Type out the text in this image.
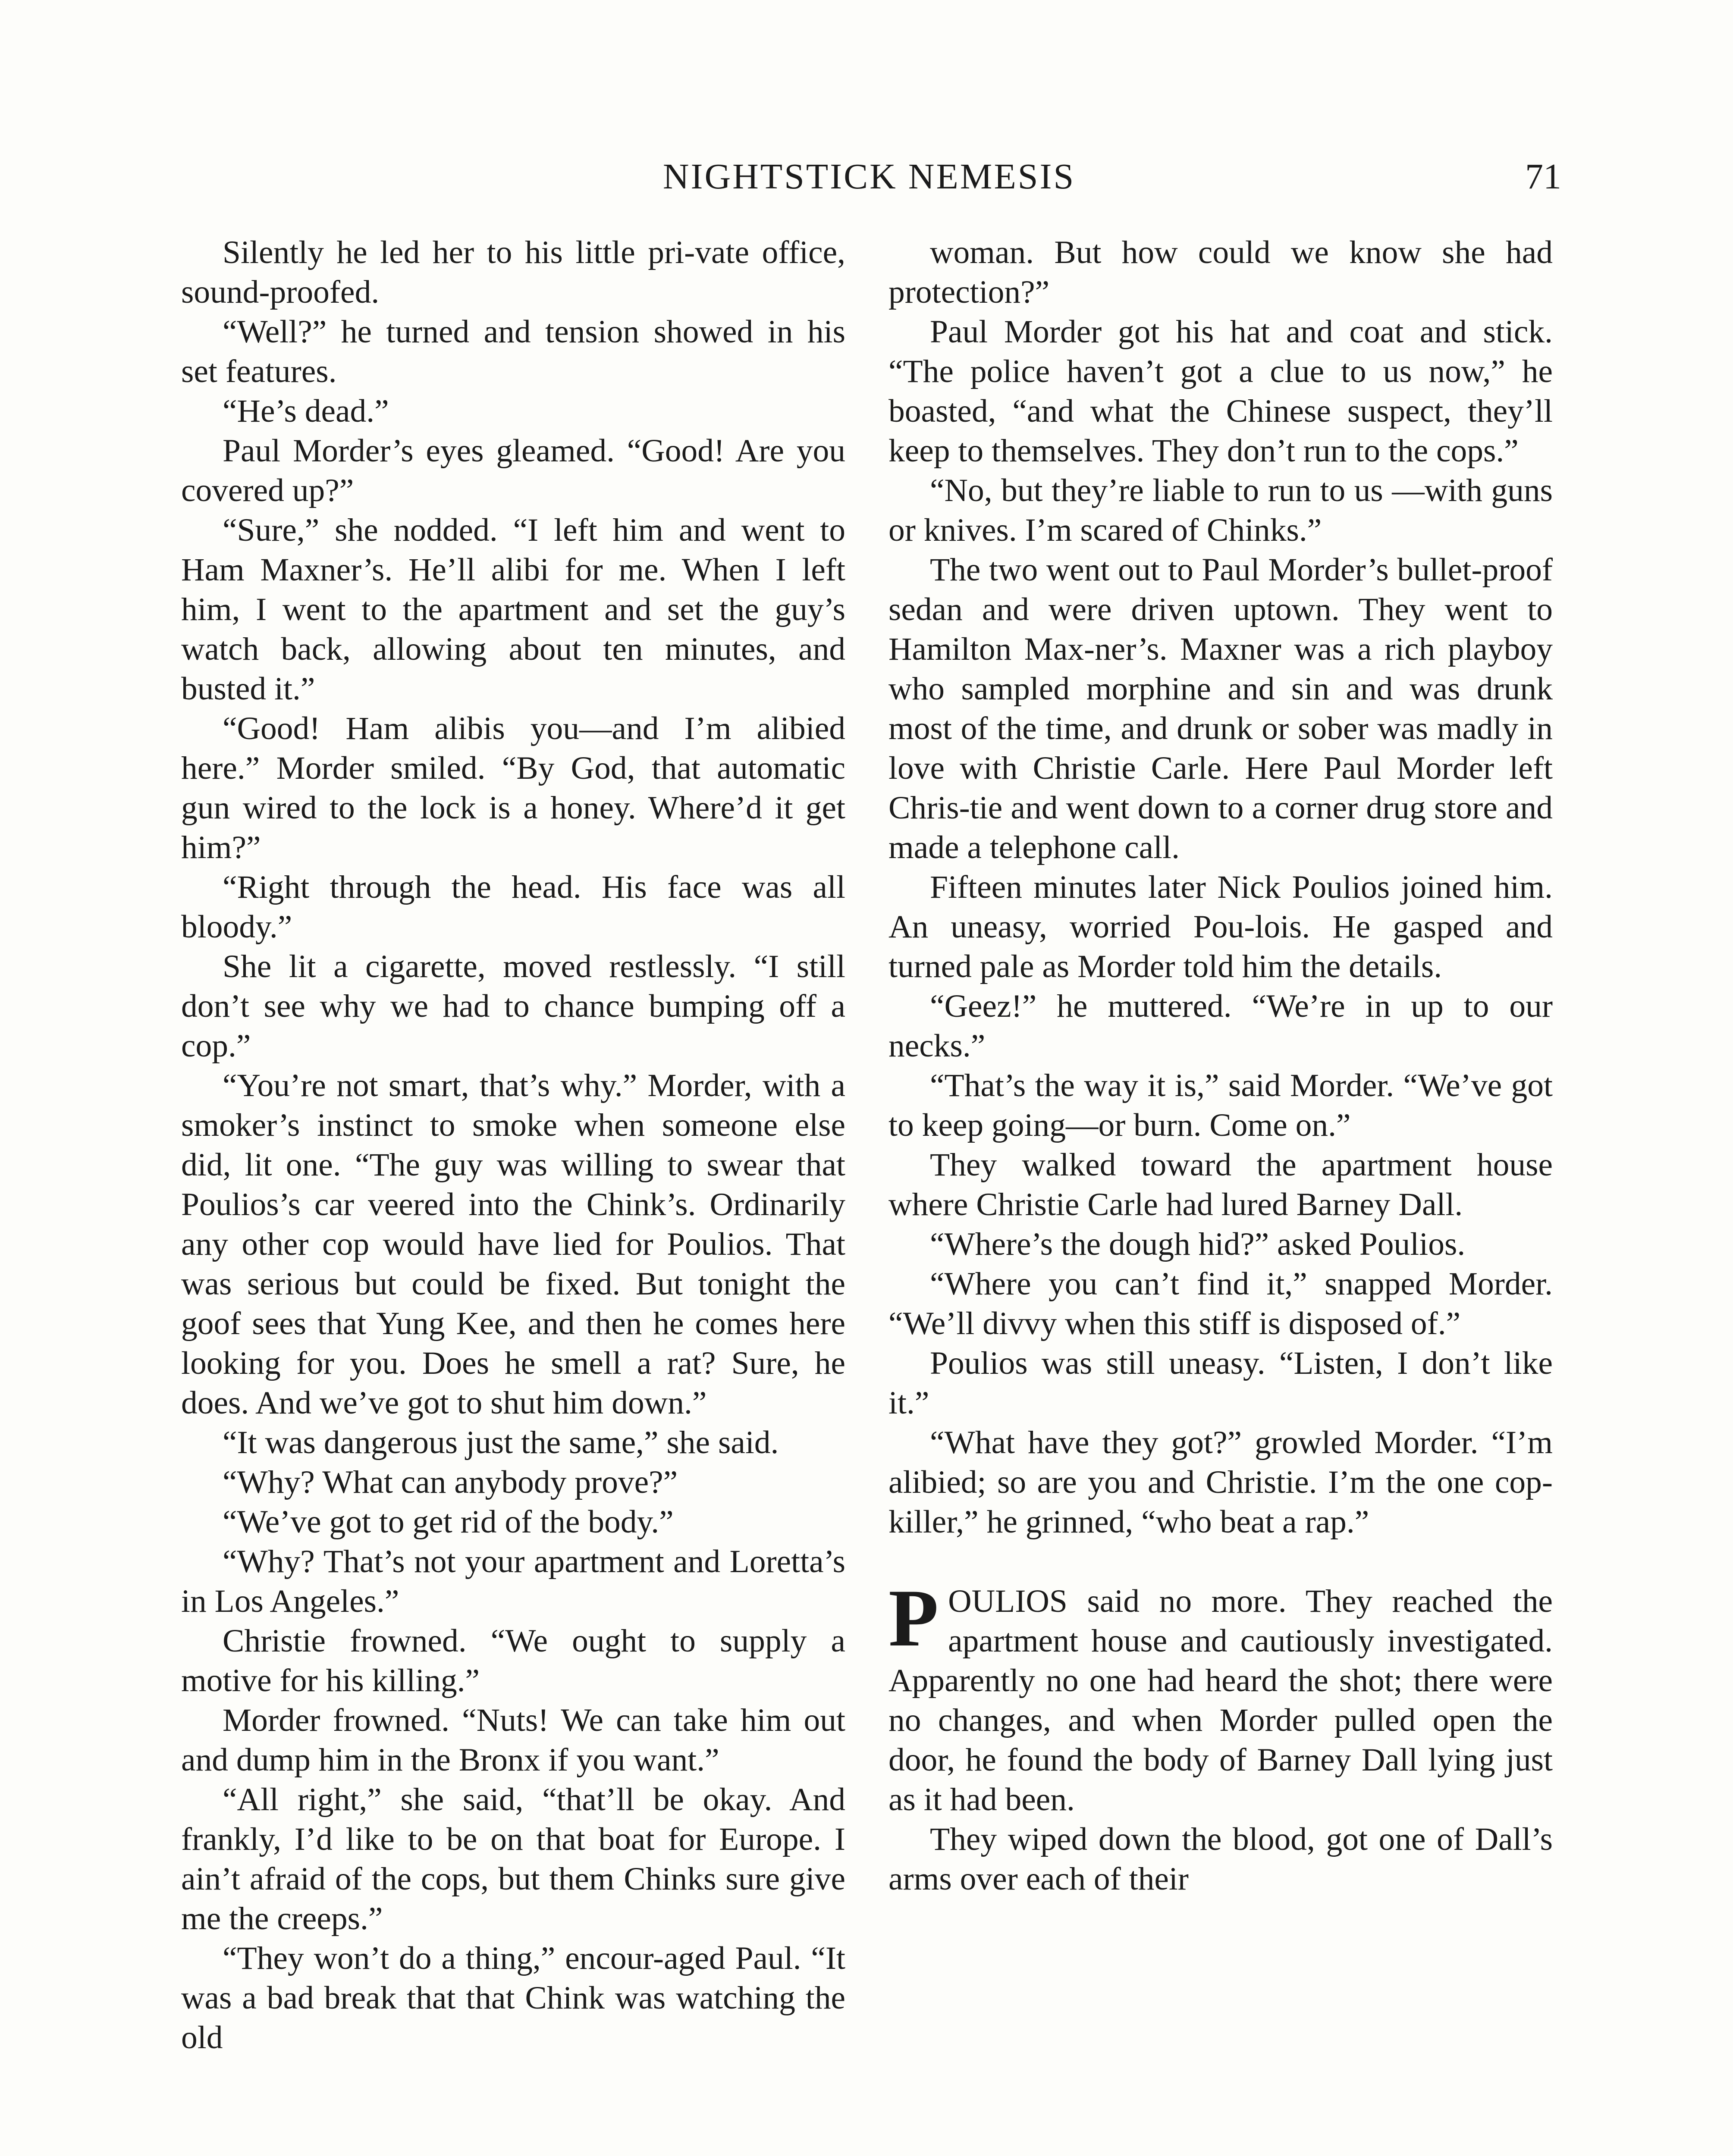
NIGHTSTICK NEMESIS	71

Silently he led her to his little pri-vate office, sound-proofed.

“Well?” he turned and tension showed in his set features.

“He’s dead.”

Paul Morder’s eyes gleamed. “Good! Are you covered up?”

“Sure,” she nodded. “I left him and went to Ham Maxner’s. He’ll alibi for me. When I left him, I went to the apartment and set the guy’s watch back, allowing about ten minutes, and busted it.”

“Good! Ham alibis you—and I’m alibied here.” Morder smiled. “By God, that automatic gun wired to the lock is a honey. Where’d it get him?”

“Right through the head. His face was all bloody.”

She lit a cigarette, moved restlessly. “I still don’t see why we had to chance bumping off a cop.”

“You’re not smart, that’s why.” Morder, with a smoker’s instinct to smoke when someone else did, lit one. “The guy was willing to swear that Poulios’s car veered into the Chink’s. Ordinarily any other cop would have lied for Poulios. That was serious but could be fixed. But tonight the goof sees that Yung Kee, and then he comes here looking for you. Does he smell a rat? Sure, he does. And we’ve got to shut him down.”

“It was dangerous just the same,” she said.

“Why? What can anybody prove?”

“We’ve got to get rid of the body.”

“Why? That’s not your apartment and Loretta’s in Los Angeles.”

Christie frowned. “We ought to supply a motive for his killing.”

Morder frowned. “Nuts! We can take him out and dump him in the Bronx if you want.”

“All right,” she said, “that’ll be okay. And frankly, I’d like to be on that boat for Europe. I ain’t afraid of the cops, but them Chinks sure give me the creeps.”

“They won’t do a thing,” encour-aged Paul. “It was a bad break that that Chink was watching the old

woman. But how could we know she had protection?”

Paul Morder got his hat and coat and stick. “The police haven’t got a clue to us now,” he boasted, “and what the Chinese suspect, they’ll keep to themselves. They don’t run to the cops.”

“No, but they’re liable to run to us —with guns or knives. I’m scared of Chinks.”

The two went out to Paul Morder’s bullet-proof sedan and were driven uptown. They went to Hamilton Max-ner’s. Maxner was a rich playboy who sampled morphine and sin and was drunk most of the time, and drunk or sober was madly in love with Christie Carle. Here Paul Morder left Chris-tie and went down to a corner drug store and made a telephone call.

Fifteen minutes later Nick Poulios joined him. An uneasy, worried Pou-lois. He gasped and turned pale as Morder told him the details.

“Geez!” he muttered. “We’re in up to our necks.”

“That’s the way it is,” said Morder. “We’ve got to keep going—or burn. Come on.”

They walked toward the apartment house where Christie Carle had lured Barney Dall.

“Where’s the dough hid?” asked Poulios.

“Where you can’t find it,” snapped Morder. “We’ll divvy when this stiff is disposed of.”

Poulios was still uneasy. “Listen, I don’t like it.”

“What have they got?” growled Morder. “I’m alibied; so are you and Christie. I’m the one cop-killer,” he grinned, “who beat a rap.”

POULIOS said no more. They reached the apartment house and cautiously investigated. Apparently no one had heard the shot; there were no changes, and when Morder pulled open the door, he found the body of Barney Dall lying just as it had been.

They wiped down the blood, got one of Dall’s arms over each of their
